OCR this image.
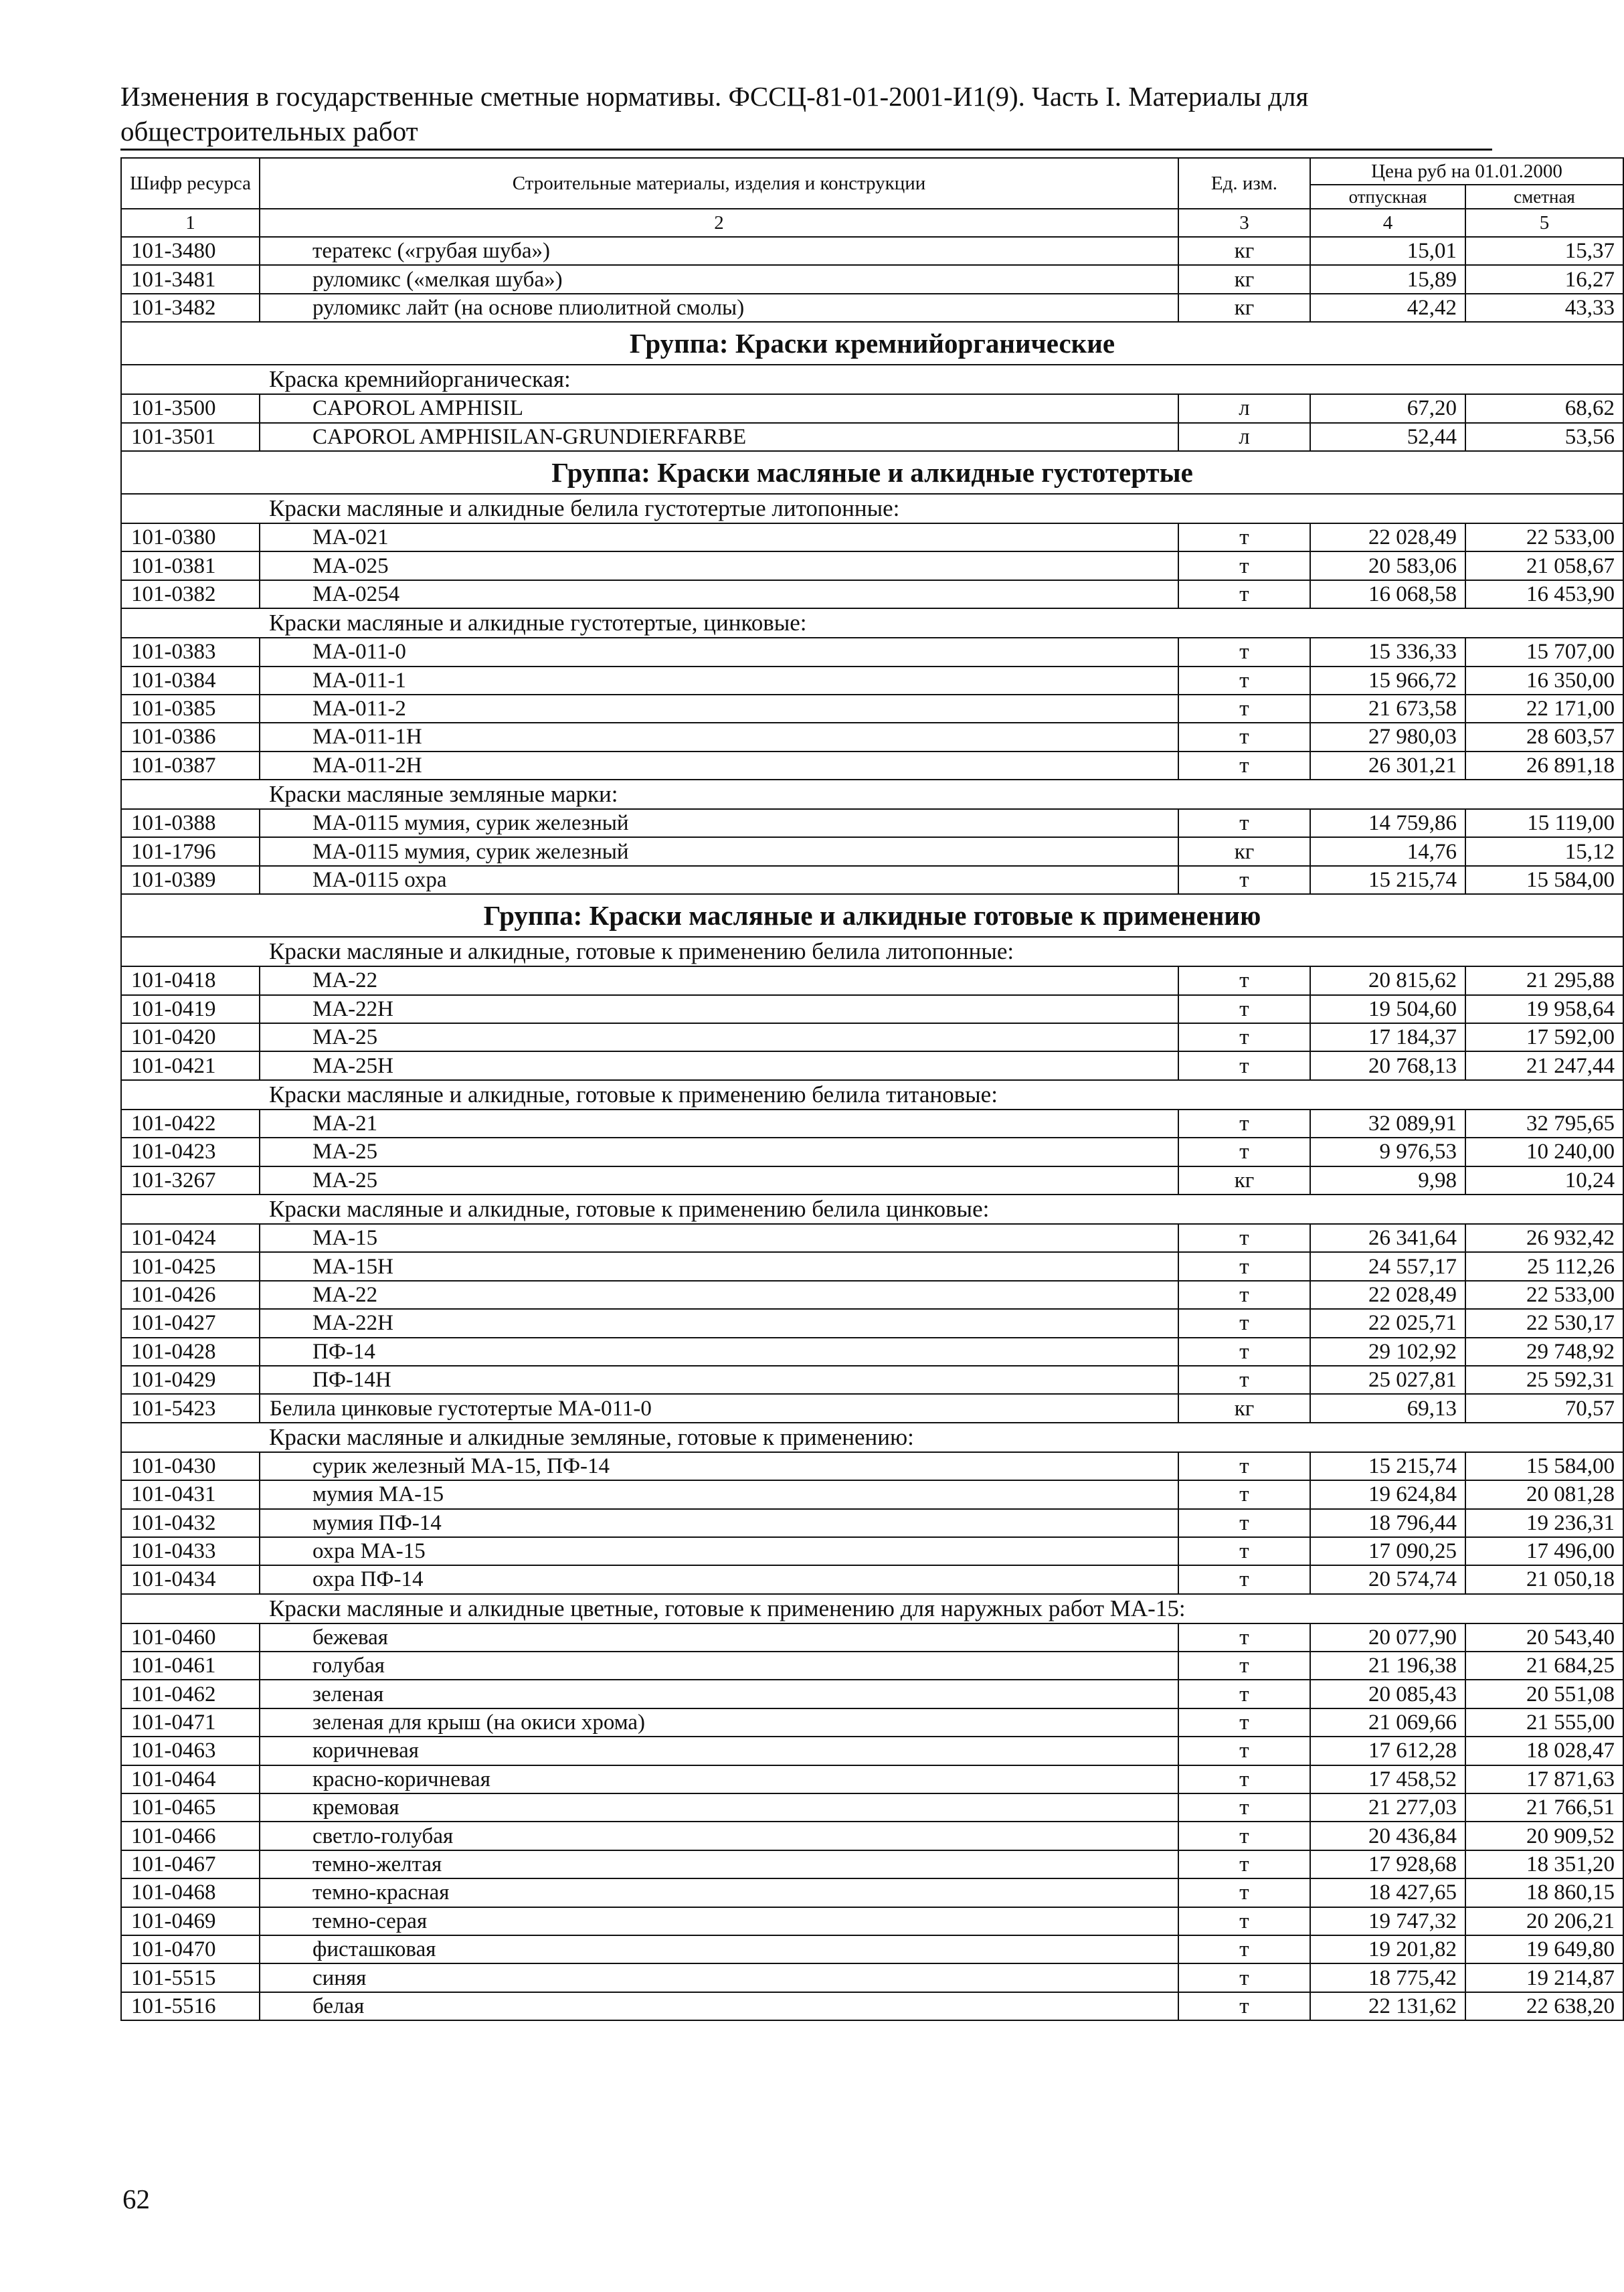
Изменения в государственные сметные нормативы. ФССЦ-81-01-2001-И1(9). Часть I. Материалы для общестроительных работ
Шифр ресурса	Строительные материалы, изделия и конструкции	Ед. изм.	Цена руб на 01.01.2000	
			отпускная	сметная
1	2	3	4	5
101-3480	тератекс («грубая шуба»)	кг	15,01	15,37
101-3481	руломикс («мелкая шуба»)	кг	15,89	16,27
101-3482	руломикс лайт (на основе плиолитной смолы)	кг	42,42	43,33
Группа: Краски кремнийорганические				
Краска кремнийорганическая:				
101-3500	CAPOROL AMPHISIL	л	67,20	68,62
101-3501	CAPOROL AMPHISILAN-GRUNDIERFARBE	л	52,44	53,56
Группа: Краски масляные и алкидные густотертые				
Краски масляные и алкидные белила густотертые литопонные:				
101-0380	МА-021	т	22 028,49	22 533,00
101-0381	МА-025	т	20 583,06	21 058,67
101-0382	МА-0254	т	16 068,58	16 453,90
Краски масляные и алкидные густотертые, цинковые:				
101-0383	МА-011-0	т	15 336,33	15 707,00
101-0384	МА-011-1	т	15 966,72	16 350,00
101-0385	МА-011-2	т	21 673,58	22 171,00
101-0386	МА-011-1Н	т	27 980,03	28 603,57
101-0387	МА-011-2Н	т	26 301,21	26 891,18
Краски масляные земляные марки:				
101-0388	МА-0115 мумия, сурик железный	т	14 759,86	15 119,00
101-1796	МА-0115 мумия, сурик железный	кг	14,76	15,12
101-0389	МА-0115 охра	т	15 215,74	15 584,00
Группа: Краски масляные и алкидные готовые к применению				
Краски масляные и алкидные, готовые к применению белила литопонные:				
101-0418	МА-22	т	20 815,62	21 295,88
101-0419	МА-22Н	т	19 504,60	19 958,64
101-0420	МА-25	т	17 184,37	17 592,00
101-0421	МА-25Н	т	20 768,13	21 247,44
Краски масляные и алкидные, готовые к применению белила титановые:				
101-0422	МА-21	т	32 089,91	32 795,65
101-0423	МА-25	т	9 976,53	10 240,00
101-3267	МА-25	кг	9,98	10,24
Краски масляные и алкидные, готовые к применению белила цинковые:				
101-0424	МА-15	т	26 341,64	26 932,42
101-0425	МА-15Н	т	24 557,17	25 112,26
101-0426	МА-22	т	22 028,49	22 533,00
101-0427	МА-22Н	т	22 025,71	22 530,17
101-0428	ПФ-14	т	29 102,92	29 748,92
101-0429	ПФ-14Н	т	25 027,81	25 592,31
101-5423	Белила цинковые густотертые МА-011-0	кг	69,13	70,57
Краски масляные и алкидные земляные, готовые к применению:				
101-0430	сурик железный МА-15, ПФ-14	т	15 215,74	15 584,00
101-0431	мумия МА-15	т	19 624,84	20 081,28
101-0432	мумия ПФ-14	т	18 796,44	19 236,31
101-0433	охра МА-15	т	17 090,25	17 496,00
101-0434	охра ПФ-14	т	20 574,74	21 050,18
Краски масляные и алкидные цветные, готовые к применению для наружных работ МА-15:				
101-0460	бежевая	т	20 077,90	20 543,40
101-0461	голубая	т	21 196,38	21 684,25
101-0462	зеленая	т	20 085,43	20 551,08
101-0471	зеленая для крыш (на окиси хрома)	т	21 069,66	21 555,00
101-0463	коричневая	т	17 612,28	18 028,47
101-0464	красно-коричневая	т	17 458,52	17 871,63
101-0465	кремовая	т	21 277,03	21 766,51
101-0466	светло-голубая	т	20 436,84	20 909,52
101-0467	темно-желтая	т	17 928,68	18 351,20
101-0468	темно-красная	т	18 427,65	18 860,15
101-0469	темно-серая	т	19 747,32	20 206,21
101-0470	фисташковая	т	19 201,82	19 649,80
101-5515	синяя	т	18 775,42	19 214,87
101-5516	белая	т	22 131,62	22 638,20
62
